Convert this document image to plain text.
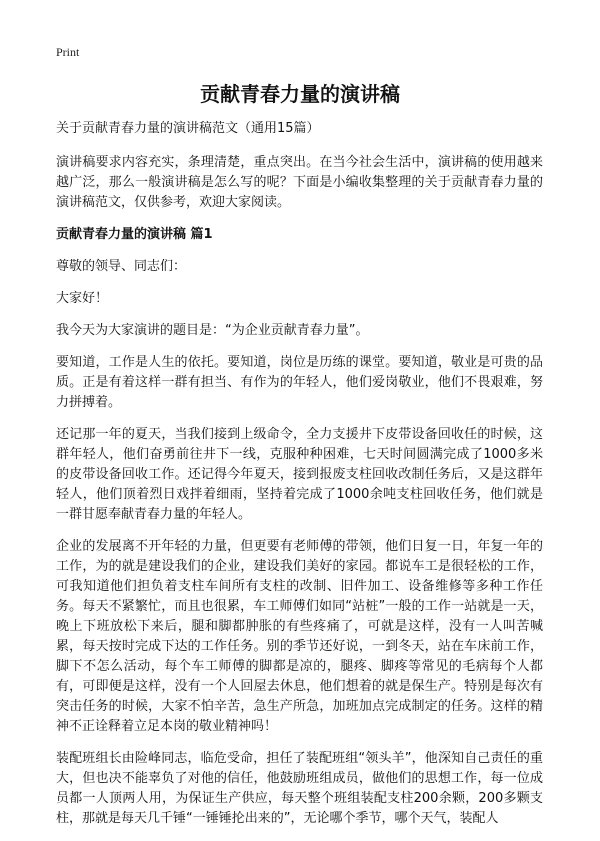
Print
贡献青春力量的演讲稿

关于贡献青春力量的演讲稿范文（通用15篇）

演讲稿要求内容充实，条理清楚，重点突出。在当今社会生活中，演讲稿的使用越来越广泛，那么一般演讲稿是怎么写的呢？下面是小编收集整理的关于贡献青春力量的演讲稿范文，仅供参考，欢迎大家阅读。

贡献青春力量的演讲稿 篇1

尊敬的领导、同志们：

大家好！

我今天为大家演讲的题目是：“为企业贡献青春力量”。

要知道，工作是人生的依托。要知道，岗位是历练的课堂。要知道，敬业是可贵的品质。正是有着这样一群有担当、有作为的年轻人，他们爱岗敬业，他们不畏艰难，努力拼搏着。

还记那一年的夏天，当我们接到上级命令，全力支援井下皮带设备回收任的时候，这群年轻人，他们奋勇前往井下一线，克服种种困难，七天时间圆满完成了1000多米的皮带设备回收工作。还记得今年夏天，接到报废支柱回收改制任务后，又是这群年轻人，他们顶着烈日戏拌着细雨，坚持着完成了1000余吨支柱回收任务，他们就是一群甘愿奉献青春力量的年轻人。

企业的发展离不开年轻的力量，但更要有老师傅的带领，他们日复一日，年复一年的工作，为的就是建设我们的企业，建设我们美好的家园。都说车工是很轻松的工作，可我知道他们担负着支柱车间所有支柱的改制、旧件加工、设备维修等多种工作任务。每天不紧繁忙，而且也很累，车工师傅们如同“站桩”一般的工作一站就是一天，晚上下班放松下来后，腿和脚都肿胀的有些疼痛了，可就是这样，没有一人叫苦喊累，每天按时完成下达的工作任务。别的季节还好说，一到冬天，站在车床前工作，脚下不怎么活动，每个车工师傅的脚都是凉的，腿疼、脚疼等常见的毛病每个人都有，可即便是这样，没有一个人回屋去休息，他们想着的就是保生产。特别是每次有突击任务的时候，大家不怕辛苦，急生产所急，加班加点完成制定的任务。这样的精神不正诠释着立足本岗的敬业精神吗！

装配班组长由险峰同志，临危受命，担任了装配班组“领头羊”，他深知自己责任的重大，但也决不能辜负了对他的信任，他鼓励班组成员，做他们的思想工作，每一位成员都一人顶两人用，为保证生产供应，每天整个班组装配支柱200余颗，200多颗支柱，那就是每天几千锤“一锤锤抡出来的”，无论哪个季节，哪个天气，装配人
